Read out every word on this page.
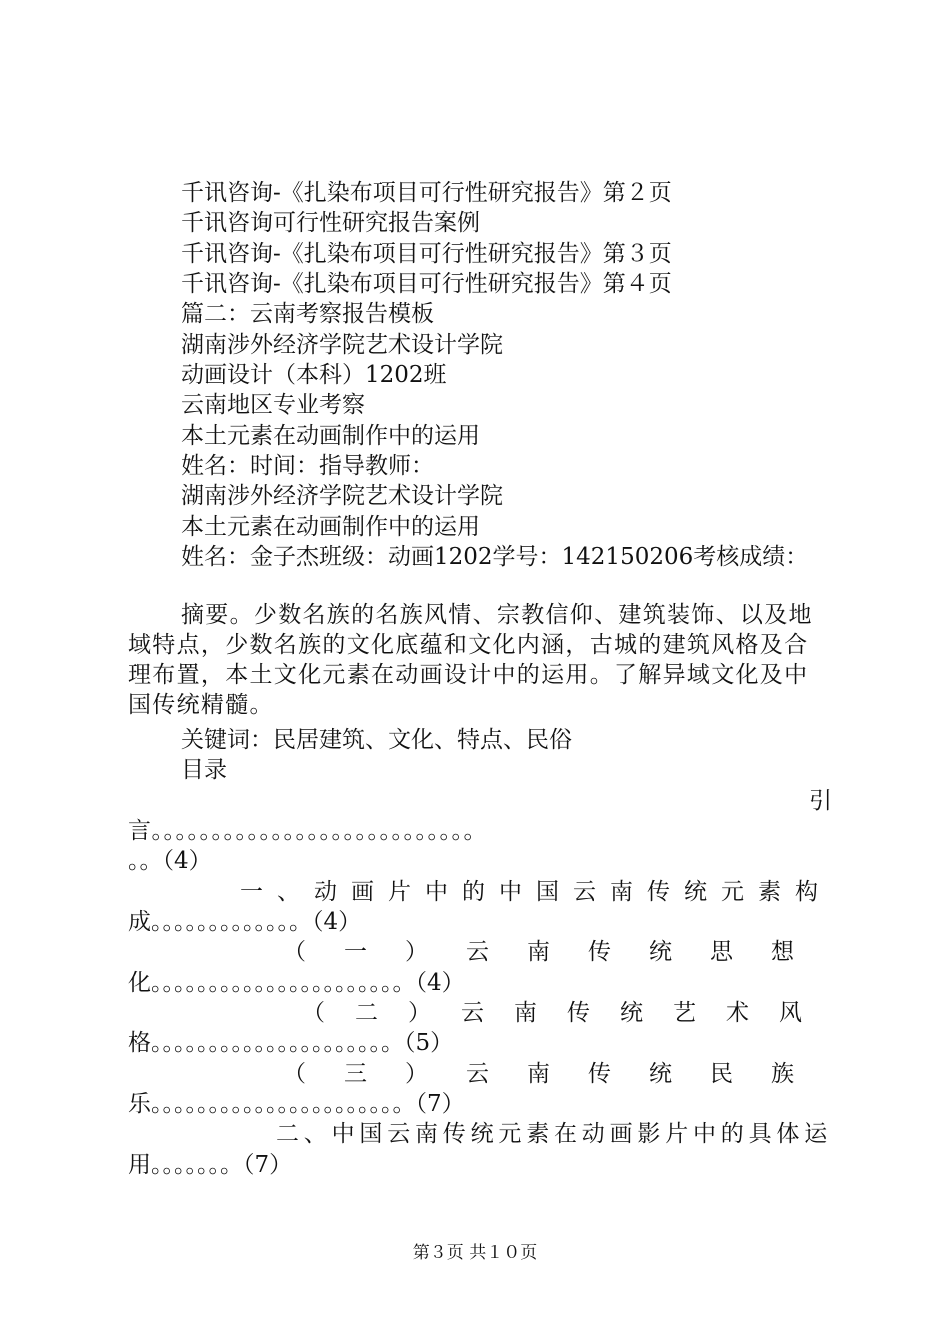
千讯咨询-《扎染布项目可行性研究报告》第２页
千讯咨询可行性研究报告案例
千讯咨询-《扎染布项目可行性研究报告》第３页
千讯咨询-《扎染布项目可行性研究报告》第４页
篇二：云南考察报告模板
湖南涉外经济学院艺术设计学院
动画设计（本科）1202班
云南地区专业考察
本土元素在动画制作中的运用
姓名：时间：指导教师：
湖南涉外经济学院艺术设计学院
本土元素在动画制作中的运用
姓名：金子杰班级：动画1202学号：142150206考核成绩：
摘要。少数名族的名族风情、宗教信仰、建筑装饰、以及地域特点，少数名族的文化底蕴和文化内涵，古城的建筑风格及合理布置，本土文化元素在动画设计中的运用。了解异域文化及中国传统精髓。
关键词：民居建筑、文化、特点、民俗
目录
引
言。。。。。。。。。。。。。。。。。。。。。。。。。。。
。。（4）
一、动画片中的中国云南传统元素构
成。。。。。。。。。。。。。（4）
（一）云南传统思想
化。。。。。。。。。。。。。。。。。。。。。。（4）
（二）云南传统艺术风
格。。。。。。。。。。。。。。。。。。。。。（5）
（三）云南传统民族
乐。。。。。。。。。。。。。。。。。。。。。。（7）
二、中国云南传统元素在动画影片中的具体运
用。。。。。。。（7）
第３页 共１０页
